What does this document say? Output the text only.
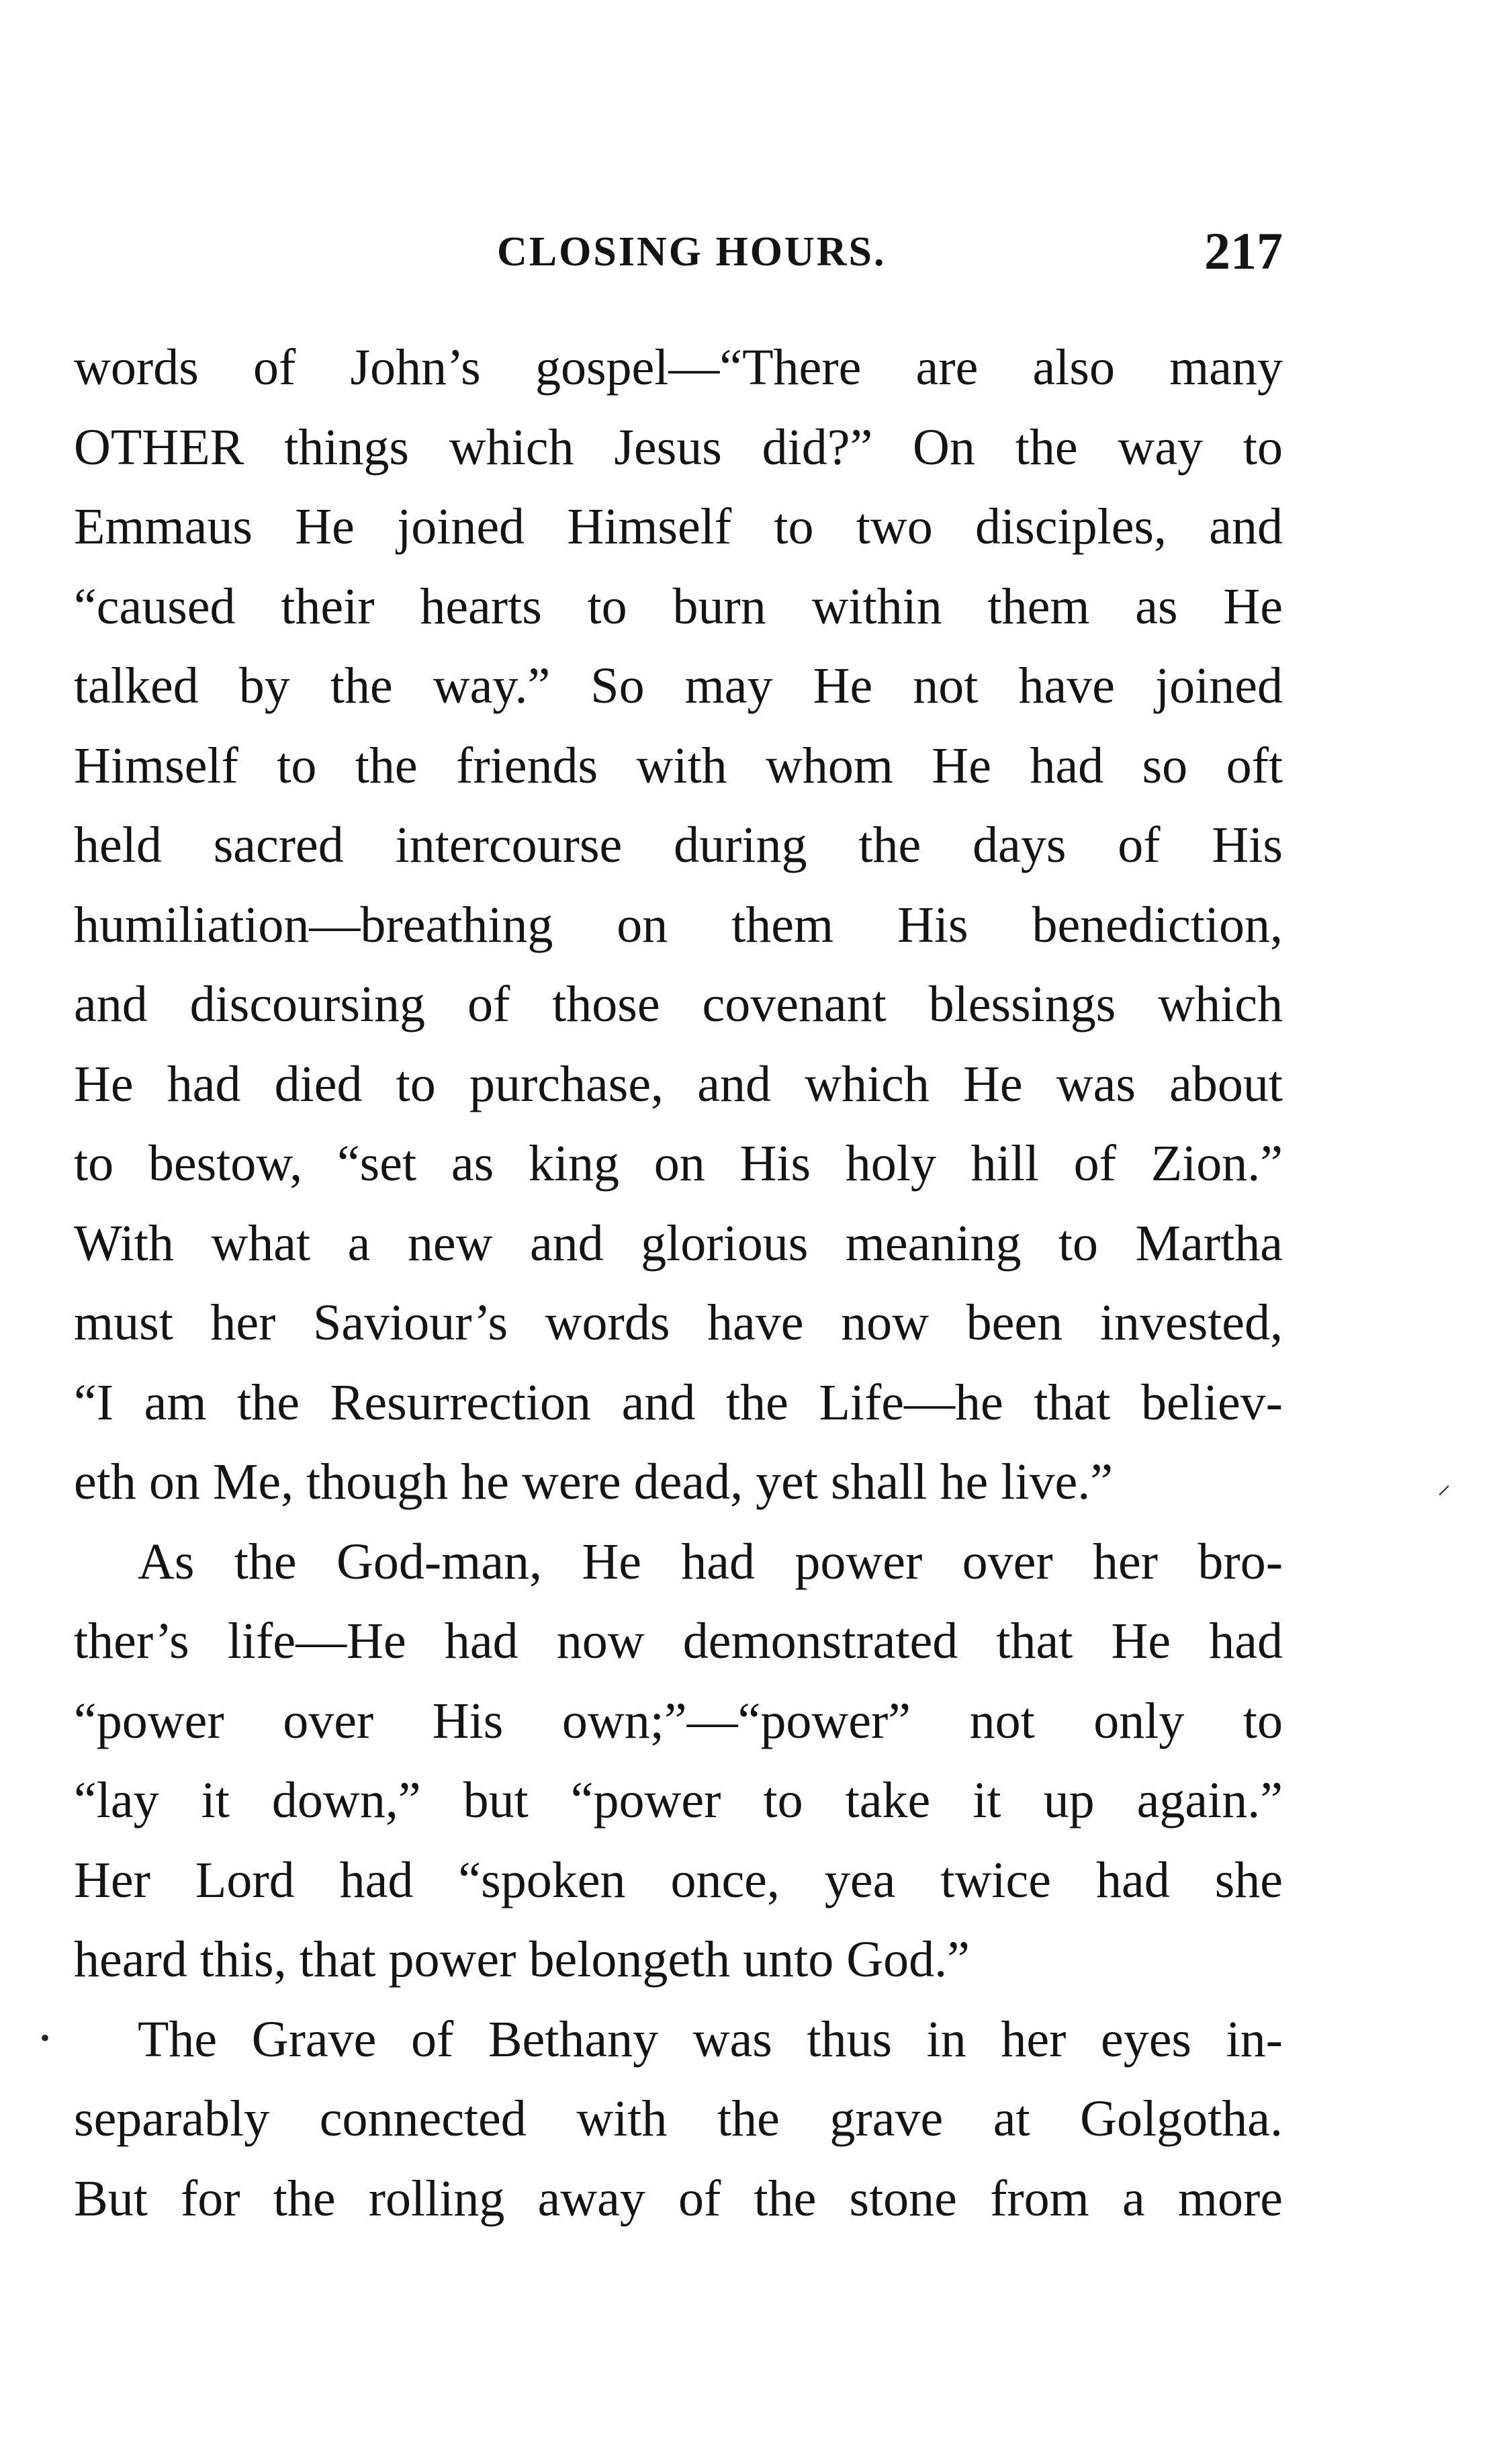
CLOSING HOURS.	217
words of John’s gospel—“There are also many
OTHER things which Jesus did?” On the way to
Emmaus He joined Himself to two disciples, and
“caused their hearts to burn within them as He
talked by the way.” So may He not have joined
Himself to the friends with whom He had so oft
held sacred intercourse during the days of His
humiliation—breathing on them His benediction,
and discoursing of those covenant blessings which
He had died to purchase, and which He was about
to bestow, “set as king on His holy hill of Zion.”
With what a new and glorious meaning to Martha
must her Saviour’s words have now been invested,
“I am the Resurrection and the Life—he that believ-
eth on Me, though he were dead, yet shall he live.”
As the God-man, He had power over her bro-
ther’s life—He had now demonstrated that He had
“power over His own;”—“power” not only to
“lay it down,” but “power to take it up again.”
Her Lord had “spoken once, yea twice had she
heard this, that power belongeth unto God.”
The Grave of Bethany was thus in her eyes in-
separably connected with the grave at Golgotha.
But for the rolling away of the stone from a more
⸝
•
